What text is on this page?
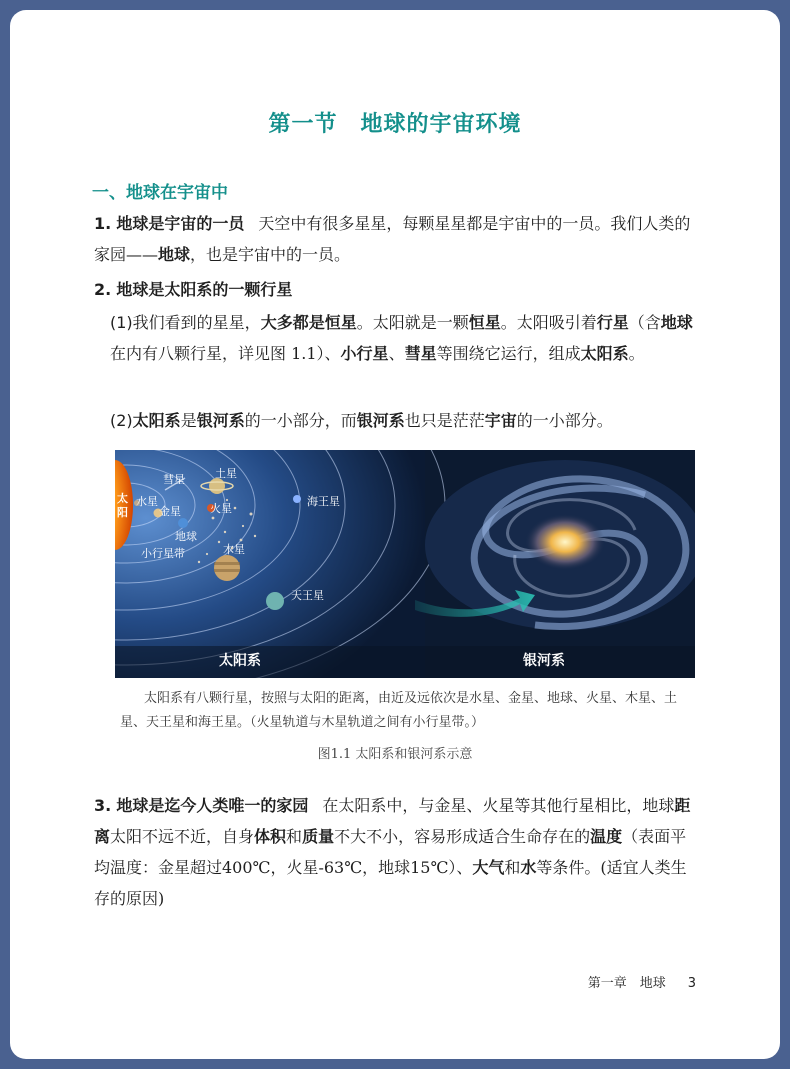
第一节　地球的宇宙环境
一、地球在宇宙中
1. 地球是宇宙的一员 天空中有很多星星，每颗星星都是宇宙中的一员。我们人类的家园——地球，也是宇宙中的一员。
2. 地球是太阳系的一颗行星
(1)我们看到的星星，大多都是恒星。太阳就是一颗恒星。太阳吸引着行星（含地球在内有八颗行星，详见图 1.1）、小行星、彗星等围绕它运行，组成太阳系。
(2)太阳系是银河系的一小部分，而银河系也只是茫茫宇宙的一小部分。
太阳
彗星	土星
水星
金星	火星
地球
小行星带	木星
海王星
天王星
太阳系	银河系
太阳系有八颗行星，按照与太阳的距离，由近及远依次是水星、金星、地球、火星、木星、土星、天王星和海王星。（火星轨道与木星轨道之间有小行星带。）
图1.1 太阳系和银河系示意
3. 地球是迄今人类唯一的家园 在太阳系中，与金星、火星等其他行星相比，地球距离太阳不远不近，自身体积和质量不大不小，容易形成适合生命存在的温度（表面平均温度：金星超过400℃，火星-63℃，地球15℃）、大气和水等条件。(适宜人类生存的原因)
第一章　地球 3
